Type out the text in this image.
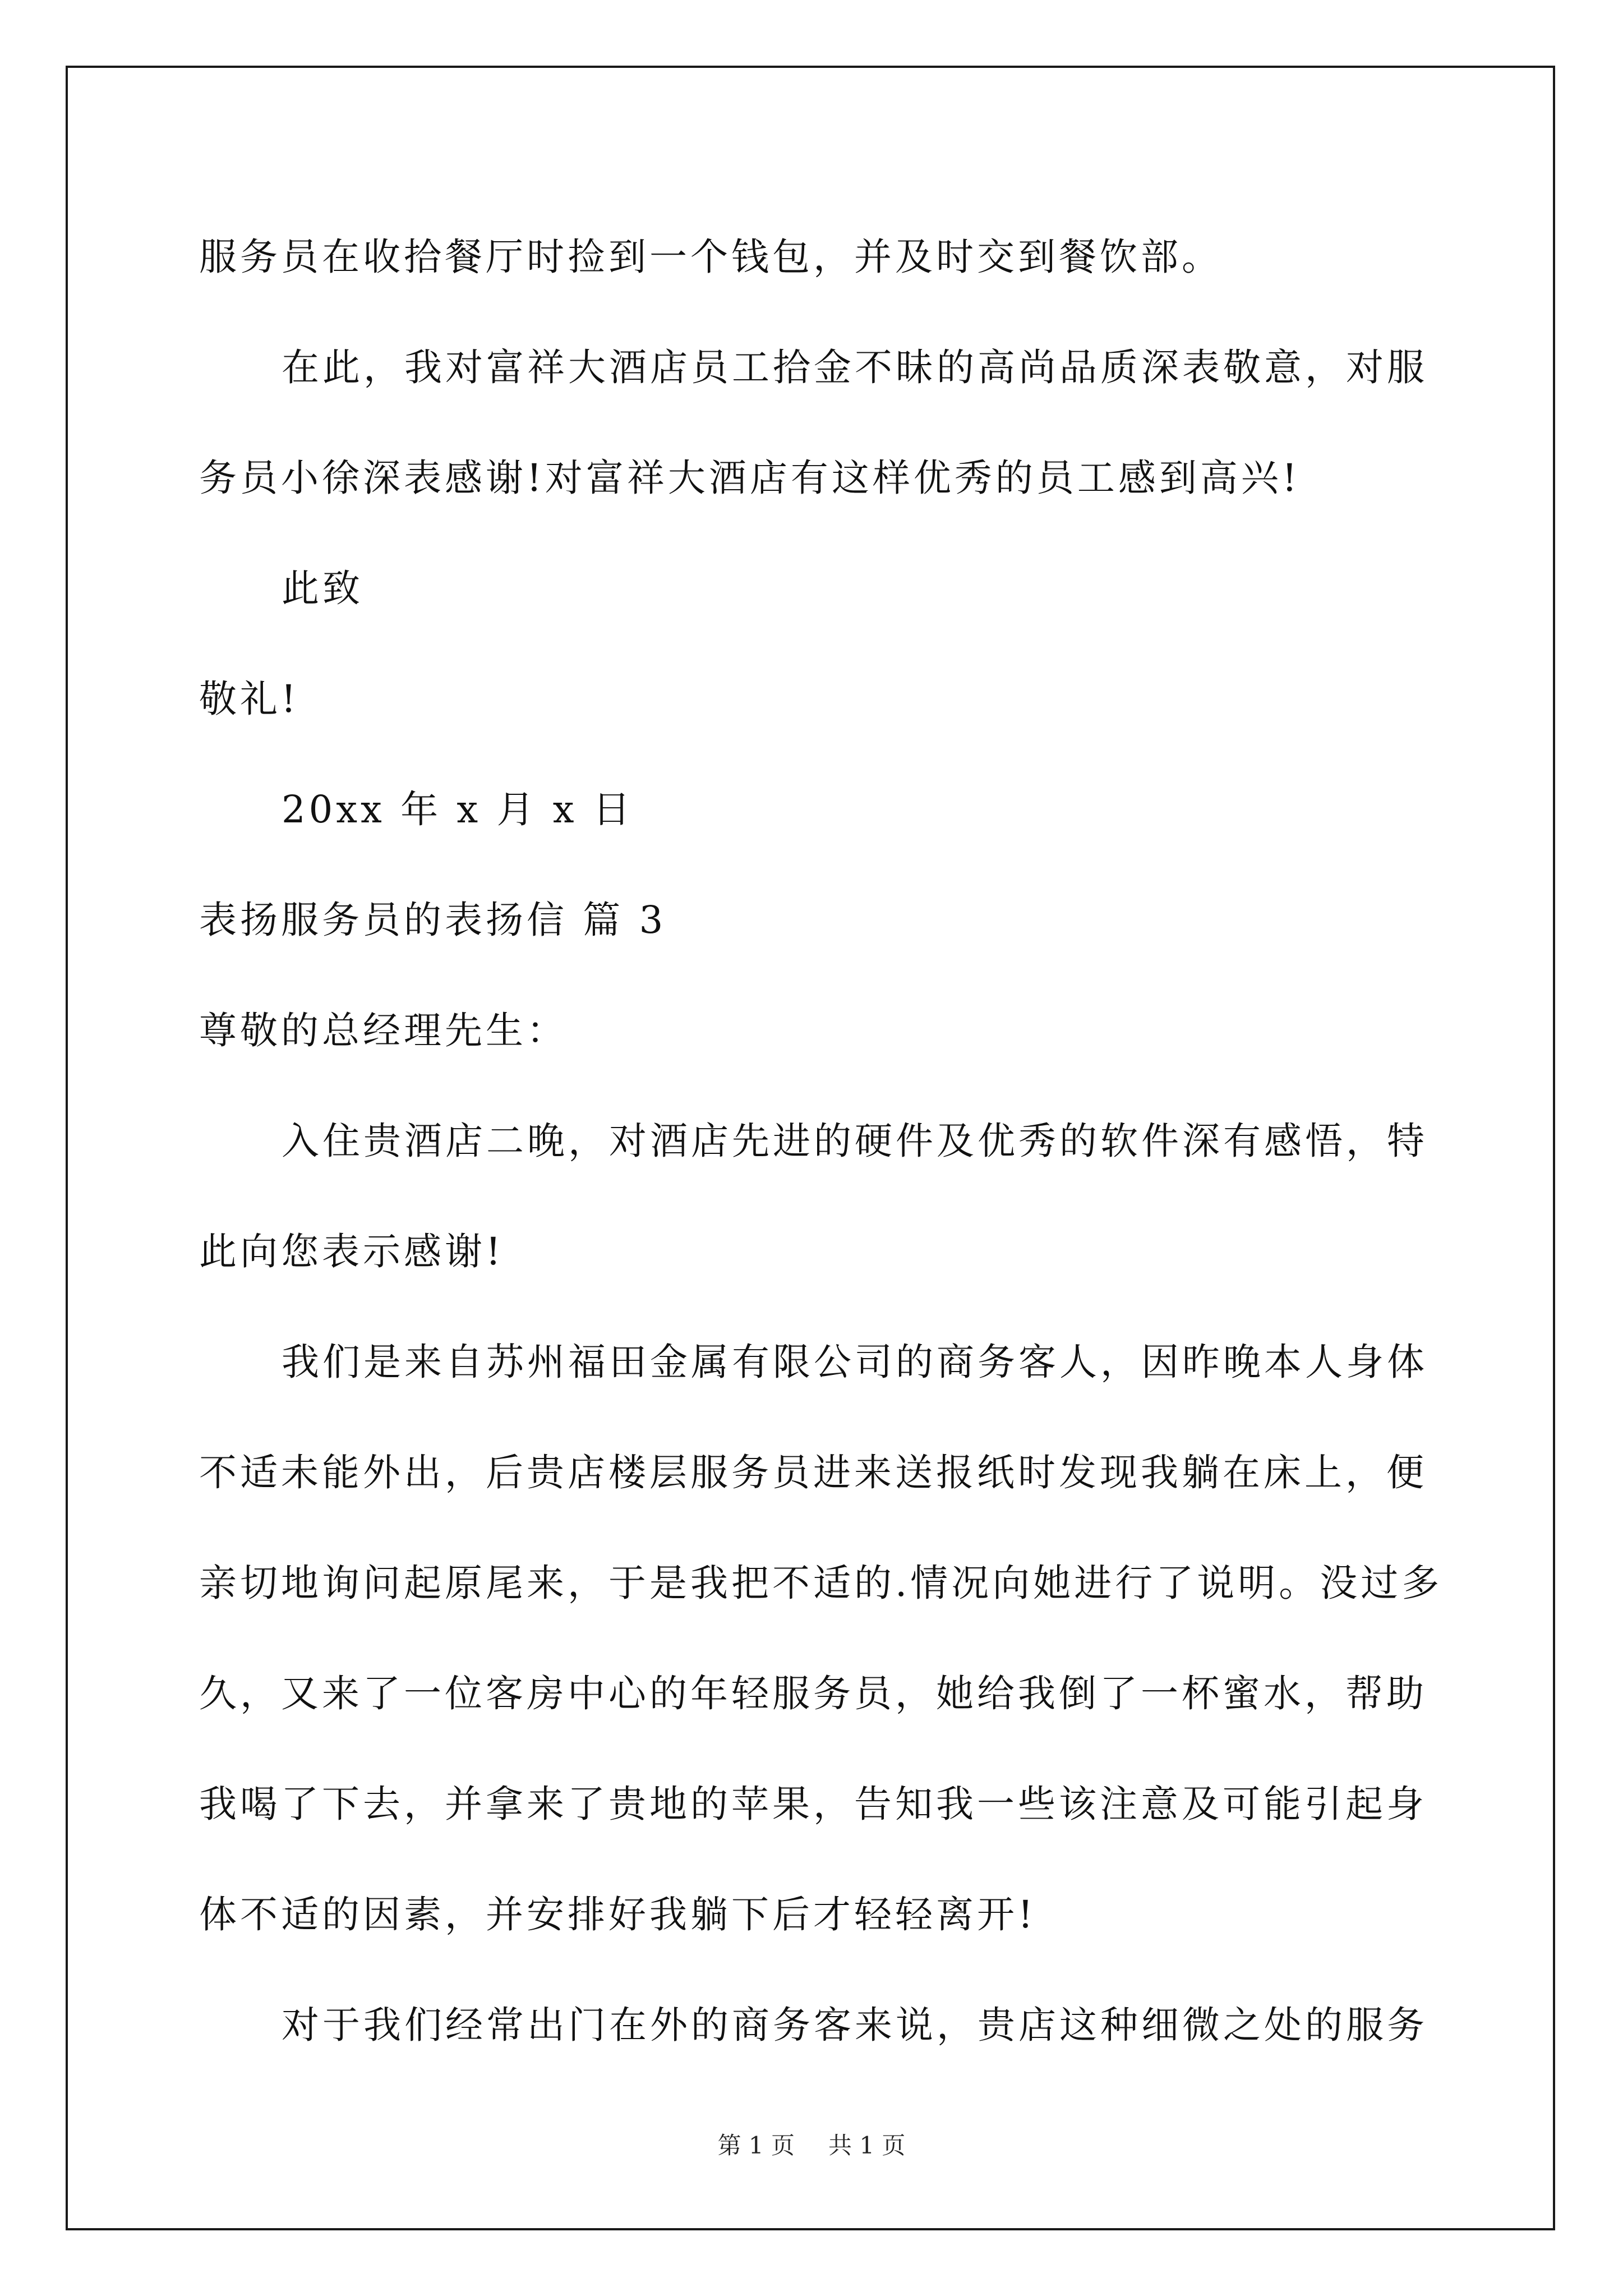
服务员在收拾餐厅时捡到一个钱包，并及时交到餐饮部。
在此，我对富祥大酒店员工拾金不昧的高尚品质深表敬意，对服
务员小徐深表感谢!对富祥大酒店有这样优秀的员工感到高兴!
此致
敬礼!
20xx 年 x 月 x 日
表扬服务员的表扬信 篇 3
尊敬的总经理先生：
入住贵酒店二晚，对酒店先进的硬件及优秀的软件深有感悟，特
此向您表示感谢!
我们是来自苏州福田金属有限公司的商务客人，因昨晚本人身体
不适未能外出，后贵店楼层服务员进来送报纸时发现我躺在床上，便
亲切地询问起原尾来，于是我把不适的.情况向她进行了说明。没过多
久，又来了一位客房中心的年轻服务员，她给我倒了一杯蜜水，帮助
我喝了下去，并拿来了贵地的苹果，告知我一些该注意及可能引起身
体不适的因素，并安排好我躺下后才轻轻离开!
对于我们经常出门在外的商务客来说，贵店这种细微之处的服务
第 1 页 共 1 页
